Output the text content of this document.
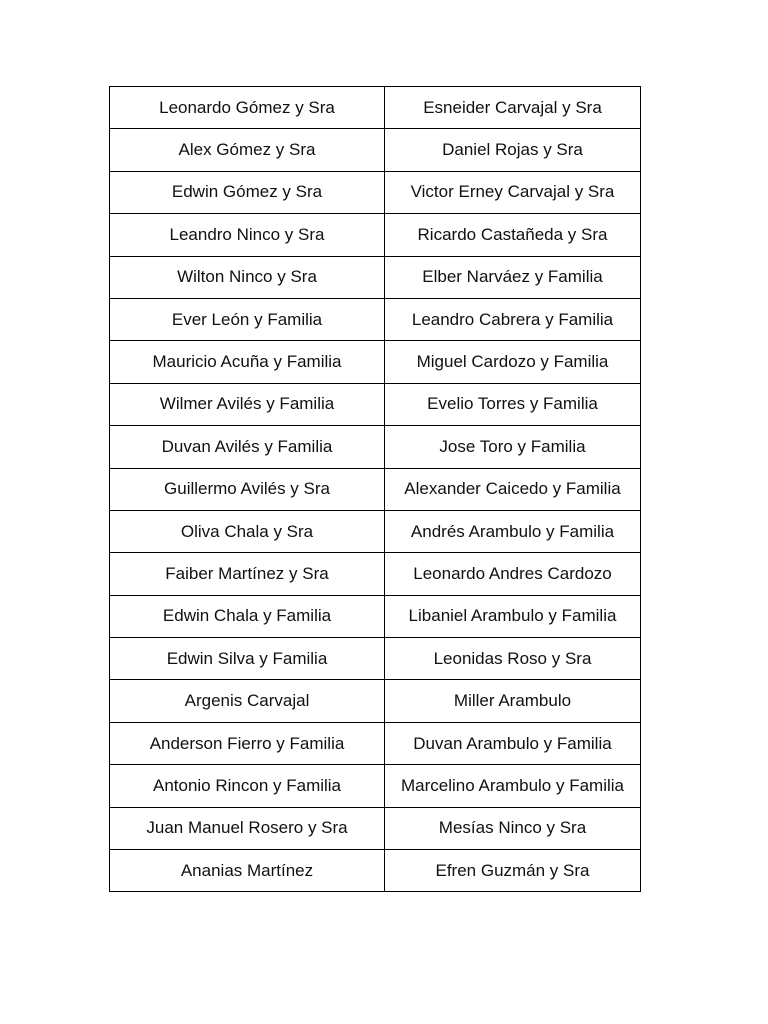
Leonardo Gómez y Sra	Esneider Carvajal y Sra
Alex Gómez y Sra	Daniel Rojas y Sra
Edwin Gómez y Sra	Victor Erney Carvajal y Sra
Leandro Ninco y Sra	Ricardo Castañeda y Sra
Wilton Ninco y Sra	Elber Narváez y Familia
Ever León y Familia	Leandro Cabrera y Familia
Mauricio Acuña y Familia	Miguel Cardozo y Familia
Wilmer Avilés y Familia	Evelio Torres y Familia
Duvan Avilés y Familia	Jose Toro y Familia
Guillermo Avilés y Sra	Alexander Caicedo y Familia
Oliva Chala y Sra	Andrés Arambulo y Familia
Faiber Martínez y Sra	Leonardo Andres Cardozo
Edwin Chala y Familia	Libaniel Arambulo y Familia
Edwin Silva y Familia	Leonidas Roso y Sra
Argenis Carvajal	Miller Arambulo
Anderson Fierro y Familia	Duvan Arambulo y Familia
Antonio Rincon y Familia	Marcelino Arambulo y Familia
Juan Manuel Rosero y Sra	Mesías Ninco y Sra
Ananias Martínez	Efren Guzmán y Sra
